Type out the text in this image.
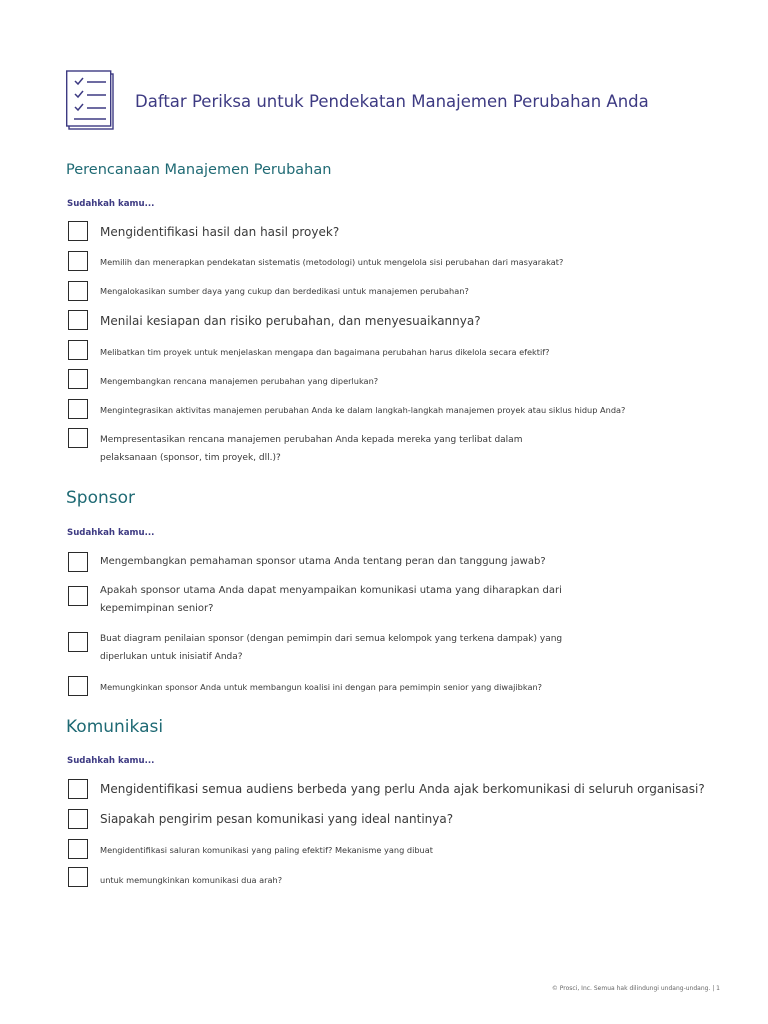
Daftar Periksa untuk Pendekatan Manajemen Perubahan Anda
Perencanaan Manajemen Perubahan
Sudahkah kamu...
Mengidentifikasi hasil dan hasil proyek?
Memilih dan menerapkan pendekatan sistematis (metodologi) untuk mengelola sisi perubahan dari masyarakat?
Mengalokasikan sumber daya yang cukup dan berdedikasi untuk manajemen perubahan?
Menilai kesiapan dan risiko perubahan, dan menyesuaikannya?
Melibatkan tim proyek untuk menjelaskan mengapa dan bagaimana perubahan harus dikelola secara efektif?
Mengembangkan rencana manajemen perubahan yang diperlukan?
Mengintegrasikan aktivitas manajemen perubahan Anda ke dalam langkah-langkah manajemen proyek atau siklus hidup Anda?
Mempresentasikan rencana manajemen perubahan Anda kepada mereka yang terlibat dalam
pelaksanaan (sponsor, tim proyek, dll.)?
Sponsor
Sudahkah kamu...
Mengembangkan pemahaman sponsor utama Anda tentang peran dan tanggung jawab?
Apakah sponsor utama Anda dapat menyampaikan komunikasi utama yang diharapkan dari
kepemimpinan senior?
Buat diagram penilaian sponsor (dengan pemimpin dari semua kelompok yang terkena dampak) yang
diperlukan untuk inisiatif Anda?
Memungkinkan sponsor Anda untuk membangun koalisi ini dengan para pemimpin senior yang diwajibkan?
Komunikasi
Sudahkah kamu...
Mengidentifikasi semua audiens berbeda yang perlu Anda ajak berkomunikasi di seluruh organisasi?
Siapakah pengirim pesan komunikasi yang ideal nantinya?
Mengidentifikasi saluran komunikasi yang paling efektif? Mekanisme yang dibuat
untuk memungkinkan komunikasi dua arah?
© Prosci, Inc. Semua hak dilindungi undang-undang. | 1
